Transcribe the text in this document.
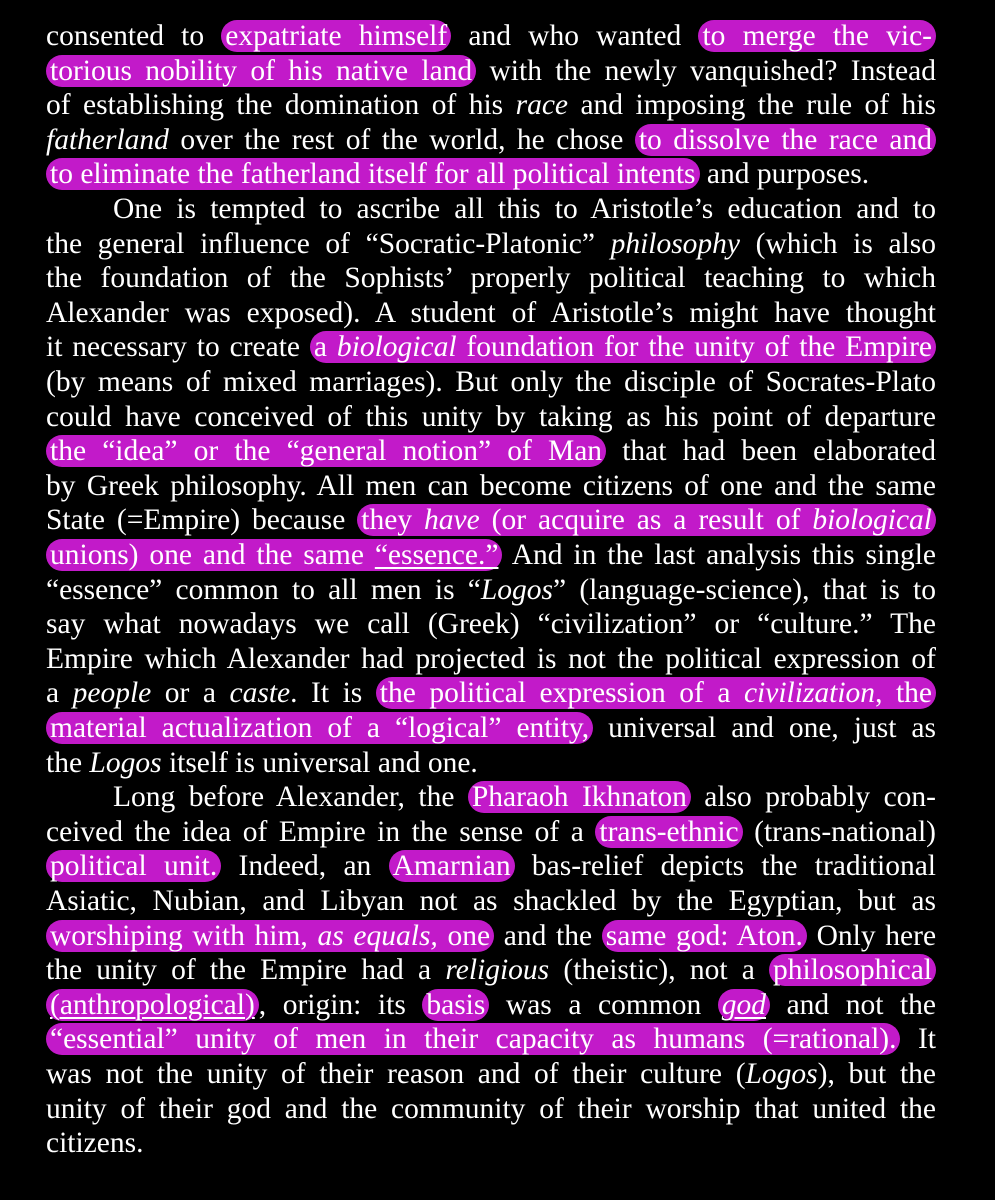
consented to expatriate himself and who wanted to merge the vic-
torious nobility of his native land with the newly vanquished? Instead
of establishing the domination of his race and imposing the rule of his
fatherland over the rest of the world, he chose to dissolve the race and
to eliminate the fatherland itself for all political intents and purposes.
One is tempted to ascribe all this to Aristotle’s education and to
the general influence of “Socratic-Platonic” philosophy (which is also
the foundation of the Sophists’ properly political teaching to which
Alexander was exposed). A student of Aristotle’s might have thought
it necessary to create a biological foundation for the unity of the Empire
(by means of mixed marriages). But only the disciple of Socrates-Plato
could have conceived of this unity by taking as his point of departure
the “idea” or the “general notion” of Man that had been elaborated
by Greek philosophy. All men can become citizens of one and the same
State (=Empire) because they have (or acquire as a result of biological
unions) one and the same “essence.” And in the last analysis this single
“essence” common to all men is “Logos” (language-science), that is to
say what nowadays we call (Greek) “civilization” or “culture.” The
Empire which Alexander had projected is not the political expression of
a people or a caste. It is the political expression of a civilization, the
material actualization of a “logical” entity, universal and one, just as
the Logos itself is universal and one.
Long before Alexander, the Pharaoh Ikhnaton also probably con-
ceived the idea of Empire in the sense of a trans-ethnic (trans-national)
political unit. Indeed, an Amarnian bas-relief depicts the traditional
Asiatic, Nubian, and Libyan not as shackled by the Egyptian, but as
worshiping with him, as equals, one and the same god: Aton. Only here
the unity of the Empire had a religious (theistic), not a philosophical
(anthropological) , origin: its basis was a common god and not the
“essential” unity of men in their capacity as humans (=rational). It
was not the unity of their reason and of their culture (Logos), but the
unity of their god and the community of their worship that united the
citizens.
